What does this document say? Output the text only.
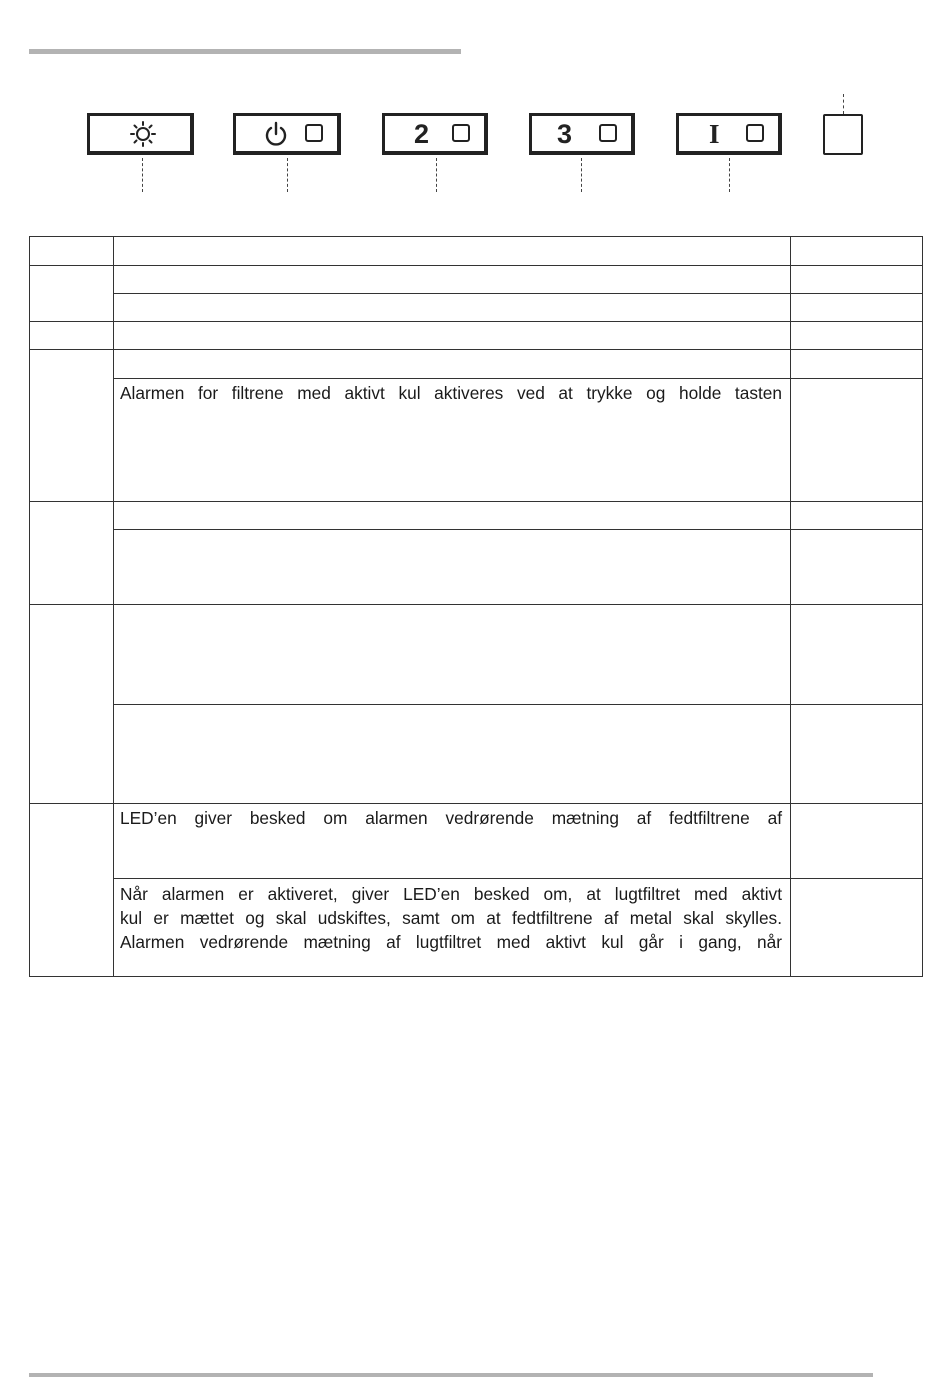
2	3	I
Alarmen for filtrene med aktivt kul aktiveres ved at trykke og holde tasten
LED’en giver besked om alarmen vedrørende mætning af fedtfiltrene af
Når alarmen er aktiveret, giver LED’en besked om, at lugtfiltret med aktivt
kul er mættet og skal udskiftes, samt om at fedtfiltrene af metal skal skylles.
Alarmen vedrørende mætning af lugtfiltret med aktivt kul går i gang, når
